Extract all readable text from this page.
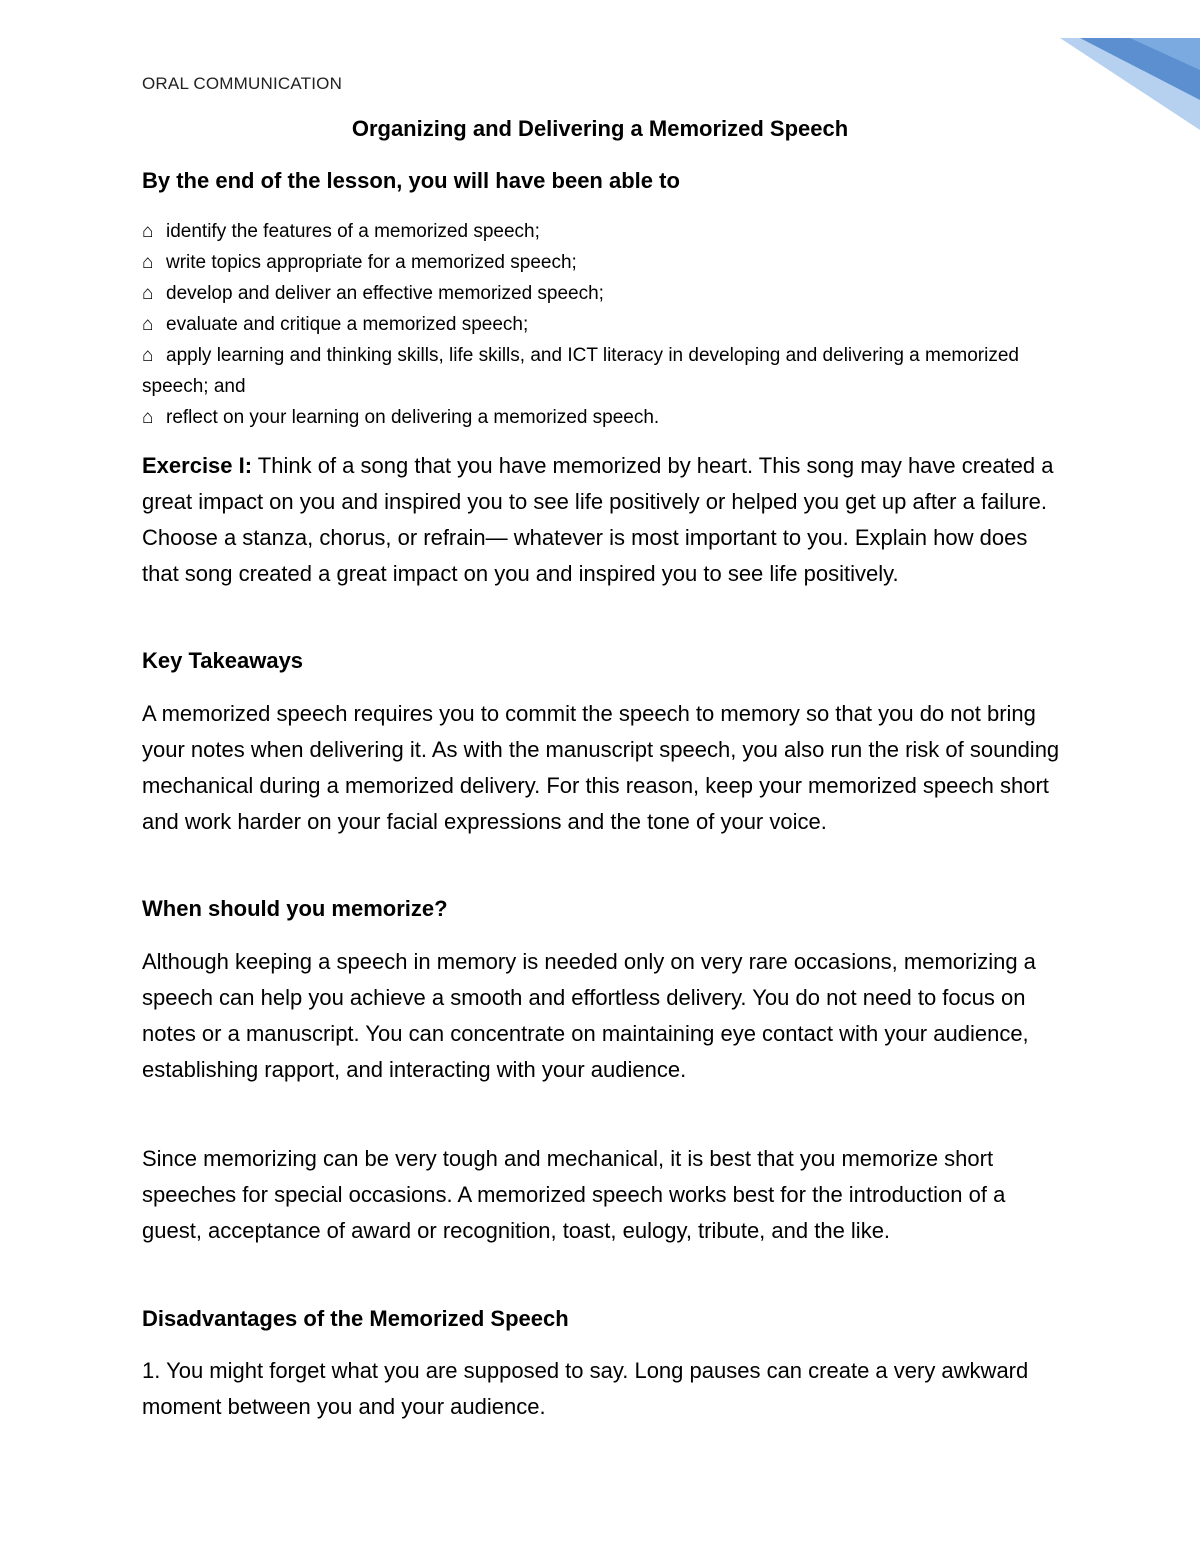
ORAL COMMUNICATION
Organizing and Delivering a Memorized Speech
By the end of the lesson, you will have been able to
⌂ identify the features of a memorized speech;
⌂ write topics appropriate for a memorized speech;
⌂ develop and deliver an effective memorized speech;
⌂ evaluate and critique a memorized speech;
⌂ apply learning and thinking skills, life skills, and ICT literacy in developing and delivering a memorized speech; and
⌂ reflect on your learning on delivering a memorized speech.

Exercise I: Think of a song that you have memorized by heart. This song may have created a great impact on you and inspired you to see life positively or helped you get up after a failure. Choose a stanza, chorus, or refrain— whatever is most important to you. Explain how does that song created a great impact on you and inspired you to see life positively.

Key Takeaways

A memorized speech requires you to commit the speech to memory so that you do not bring your notes when delivering it. As with the manuscript speech, you also run the risk of sounding mechanical during a memorized delivery. For this reason, keep your memorized speech short and work harder on your facial expressions and the tone of your voice.

When should you memorize?

Although keeping a speech in memory is needed only on very rare occasions, memorizing a speech can help you achieve a smooth and effortless delivery. You do not need to focus on notes or a manuscript. You can concentrate on maintaining eye contact with your audience, establishing rapport, and interacting with your audience.

Since memorizing can be very tough and mechanical, it is best that you memorize short speeches for special occasions. A memorized speech works best for the introduction of a guest, acceptance of award or recognition, toast, eulogy, tribute, and the like.

Disadvantages of the Memorized Speech

1. You might forget what you are supposed to say. Long pauses can create a very awkward moment between you and your audience.
